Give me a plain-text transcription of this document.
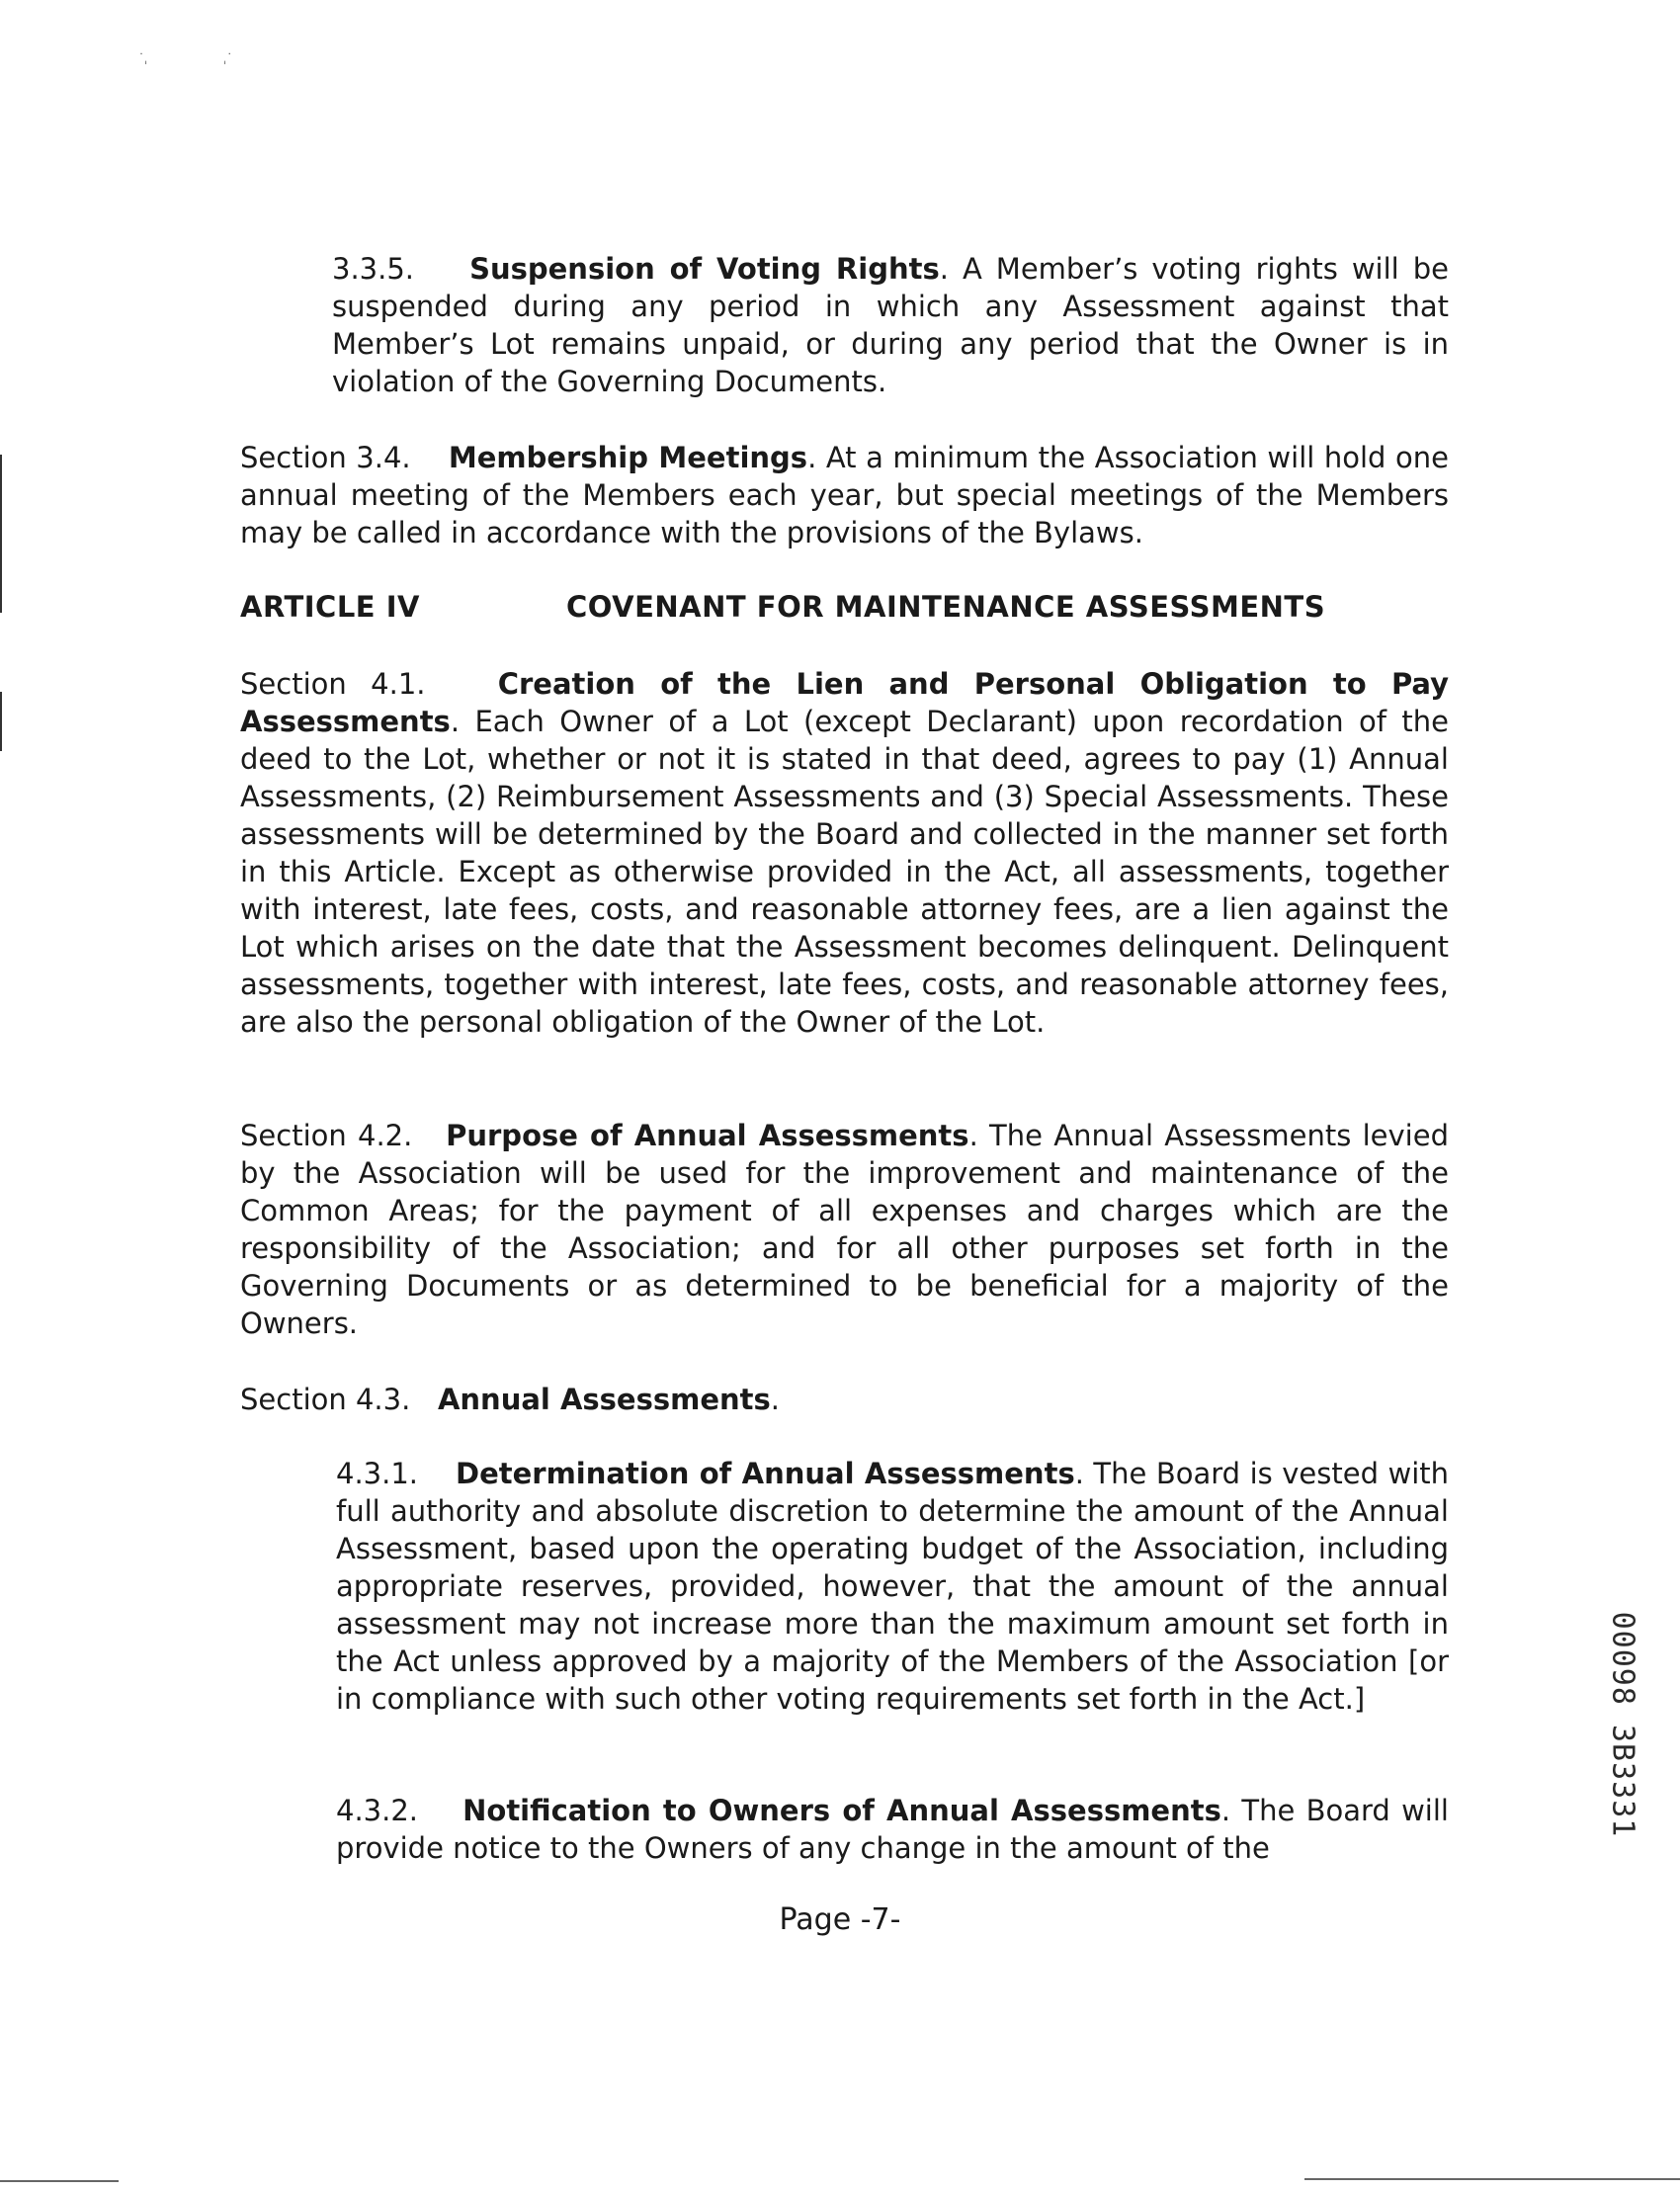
˙ˌ	ˌ˙

3.3.5. Suspension of Voting Rights. A Member’s voting rights will be suspended during any period in which any Assessment against that Member’s Lot remains unpaid, or during any period that the Owner is in violation of the Governing Documents.

Section 3.4. Membership Meetings. At a minimum the Association will hold one annual meeting of the Members each year, but special meetings of the Members may be called in accordance with the provisions of the Bylaws.

ARTICLE IV	COVENANT FOR MAINTENANCE ASSESSMENTS

Section 4.1.	Creation of the Lien and Personal Obligation to Pay Assessments. Each Owner of a Lot (except Declarant) upon recordation of the deed to the Lot, whether or not it is stated in that deed, agrees to pay (1) Annual Assessments, (2) Reimbursement Assessments and (3) Special Assessments. These assessments will be determined by the Board and collected in the manner set forth in this Article. Except as otherwise provided in the Act, all assessments, together with interest, late fees, costs, and reasonable attorney fees, are a lien against the Lot which arises on the date that the Assessment becomes delinquent. Delinquent assessments, together with interest, late fees, costs, and reasonable attorney fees, are also the personal obligation of the Owner of the Lot.

Section 4.2. Purpose of Annual Assessments. The Annual Assessments levied by the Association will be used for the improvement and maintenance of the Common Areas; for the payment of all expenses and charges which are the responsibility of the Association; and for all other purposes set forth in the Governing Documents or as determined to be beneficial for a majority of the Owners.

Section 4.3. Annual Assessments.

4.3.1. Determination of Annual Assessments. The Board is vested with full authority and absolute discretion to determine the amount of the Annual Assessment, based upon the operating budget of the Association, including appropriate reserves, provided, however, that the amount of the annual assessment may not increase more than the maximum amount set forth in the Act unless approved by a majority of the Members of the Association [or in compliance with such other voting requirements set forth in the Act.]

4.3.2. Notification to Owners of Annual Assessments. The Board will provide notice to the Owners of any change in the amount of the

Page -7-
00098 3B3331
